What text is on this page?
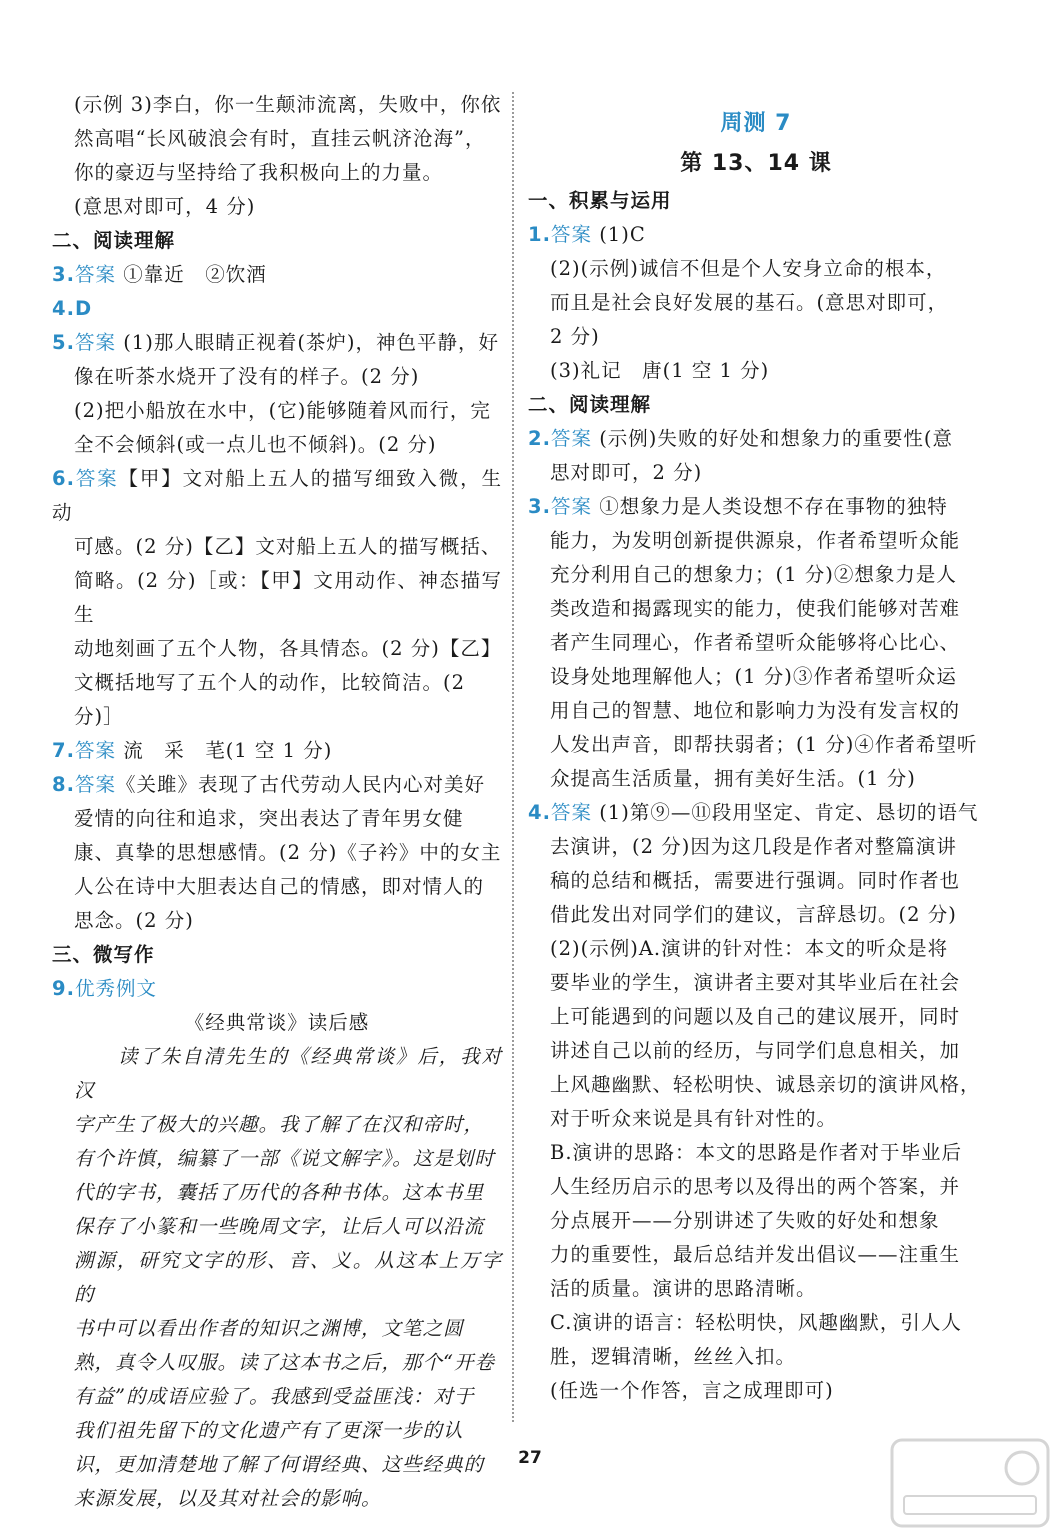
(示例 3)李白，你一生颠沛流离，失败中，你依

然高唱“长风破浪会有时，直挂云帆济沧海”，

你的豪迈与坚持给了我积极向上的力量。

(意思对即可，4 分)

二、阅读理解

3.答案 ①靠近　②饮酒

4.D

5.答案 (1)那人眼睛正视着(茶炉)，神色平静，好

像在听茶水烧开了没有的样子。(2 分)

(2)把小船放在水中，(它)能够随着风而行，完

全不会倾斜(或一点儿也不倾斜)。(2 分)

6.答案【甲】文对船上五人的描写细致入微，生动

可感。(2 分)【乙】文对船上五人的描写概括、

简略。(2 分)［或：【甲】文用动作、神态描写生

动地刻画了五个人物，各具情态。(2 分)【乙】

文概括地写了五个人的动作，比较简洁。(2

分)］

7.答案 流　采　芼(1 空 1 分)

8.答案《关雎》表现了古代劳动人民内心对美好

爱情的向往和追求，突出表达了青年男女健

康、真挚的思想感情。(2 分)《子衿》中的女主

人公在诗中大胆表达自己的情感，即对情人的

思念。(2 分)

三、微写作

9.优秀例文

《经典常谈》读后感

读了朱自清先生的《经典常谈》后，我对汉

字产生了极大的兴趣。我了解了在汉和帝时，

有个许慎，编纂了一部《说文解字》。这是划时

代的字书，囊括了历代的各种书体。这本书里

保存了小篆和一些晚周文字，让后人可以沿流

溯源，研究文字的形、音、义。从这本上万字的

书中可以看出作者的知识之渊博，文笔之圆

熟，真令人叹服。读了这本书之后，那个“开卷

有益”的成语应验了。我感到受益匪浅：对于

我们祖先留下的文化遗产有了更深一步的认

识，更加清楚地了解了何谓经典、这些经典的

来源发展，以及其对社会的影响。

周测 7

第 13、14 课

一、积累与运用

1.答案 (1)C

(2)(示例)诚信不但是个人安身立命的根本，

而且是社会良好发展的基石。(意思对即可，

2 分)

(3)礼记　唐(1 空 1 分)

二、阅读理解

2.答案 (示例)失败的好处和想象力的重要性(意

思对即可，2 分)

3.答案 ①想象力是人类设想不存在事物的独特

能力，为发明创新提供源泉，作者希望听众能

充分利用自己的想象力；(1 分)②想象力是人

类改造和揭露现实的能力，使我们能够对苦难

者产生同理心，作者希望听众能够将心比心、

设身处地理解他人；(1 分)③作者希望听众运

用自己的智慧、地位和影响力为没有发言权的

人发出声音，即帮扶弱者；(1 分)④作者希望听

众提高生活质量，拥有美好生活。(1 分)

4.答案 (1)第⑨—⑪段用坚定、肯定、恳切的语气

去演讲，(2 分)因为这几段是作者对整篇演讲

稿的总结和概括，需要进行强调。同时作者也

借此发出对同学们的建议，言辞恳切。(2 分)

(2)(示例)A.演讲的针对性：本文的听众是将

要毕业的学生，演讲者主要对其毕业后在社会

上可能遇到的问题以及自己的建议展开，同时

讲述自己以前的经历，与同学们息息相关，加

上风趣幽默、轻松明快、诚恳亲切的演讲风格，

对于听众来说是具有针对性的。

B.演讲的思路：本文的思路是作者对于毕业后

人生经历启示的思考以及得出的两个答案，并

分点展开——分别讲述了失败的好处和想象

力的重要性，最后总结并发出倡议——注重生

活的质量。演讲的思路清晰。

C.演讲的语言：轻松明快，风趣幽默，引人人

胜，逻辑清晰，丝丝入扣。

(任选一个作答，言之成理即可)

27
